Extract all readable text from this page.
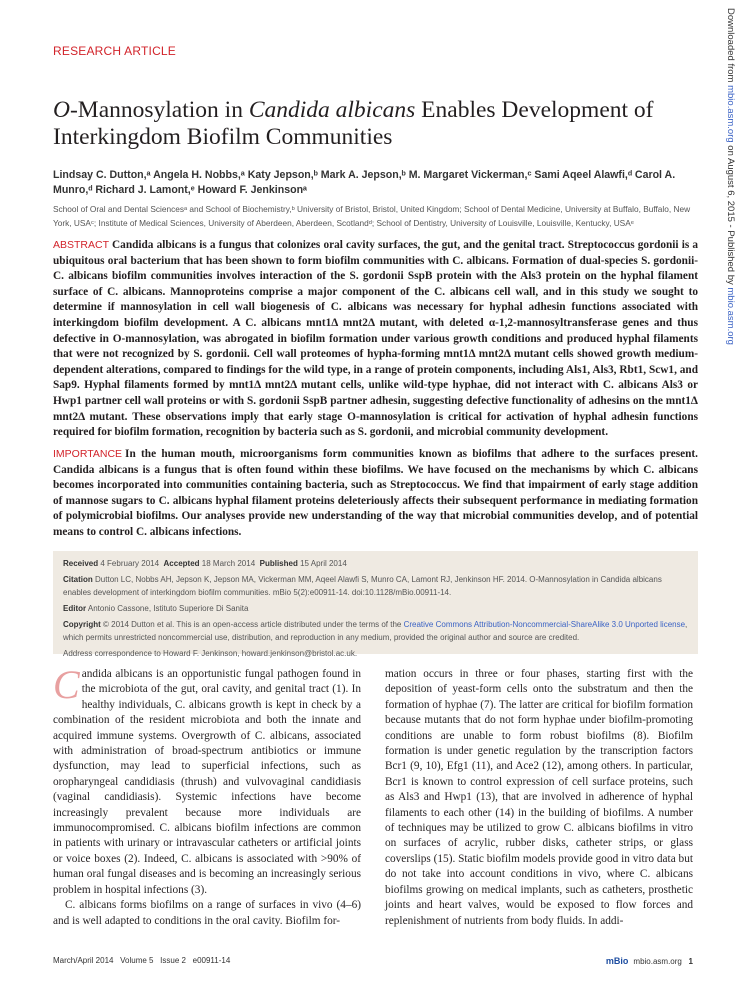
RESEARCH ARTICLE
O-Mannosylation in Candida albicans Enables Development of Interkingdom Biofilm Communities
Lindsay C. Dutton,ᵃ Angela H. Nobbs,ᵃ Katy Jepson,ᵇ Mark A. Jepson,ᵇ M. Margaret Vickerman,ᶜ Sami Aqeel Alawfi,ᵈ Carol A. Munro,ᵈ Richard J. Lamont,ᵉ Howard F. Jenkinsonᵃ
School of Oral and Dental Sciencesᵃ and School of Biochemistry,ᵇ University of Bristol, Bristol, United Kingdom; School of Dental Medicine, University at Buffalo, Buffalo, New York, USAᶜ; Institute of Medical Sciences, University of Aberdeen, Aberdeen, Scotlandᵈ; School of Dentistry, University of Louisville, Louisville, Kentucky, USAᵉ
ABSTRACT Candida albicans is a fungus that colonizes oral cavity surfaces, the gut, and the genital tract. Streptococcus gordonii is a ubiquitous oral bacterium that has been shown to form biofilm communities with C. albicans. Formation of dual-species S. gordonii-C. albicans biofilm communities involves interaction of the S. gordonii SspB protein with the Als3 protein on the hyphal filament surface of C. albicans. Mannoproteins comprise a major component of the C. albicans cell wall, and in this study we sought to determine if mannosylation in cell wall biogenesis of C. albicans was necessary for hyphal adhesin functions associated with interkingdom biofilm development. A C. albicans mnt1Δ mnt2Δ mutant, with deleted α-1,2-mannosyltransferase genes and thus defective in O-mannosylation, was abrogated in biofilm formation under various growth conditions and produced hyphal filaments that were not recognized by S. gordonii. Cell wall proteomes of hypha-forming mnt1Δ mnt2Δ mutant cells showed growth medium-dependent alterations, compared to findings for the wild type, in a range of protein components, including Als1, Als3, Rbt1, Scw1, and Sap9. Hyphal filaments formed by mnt1Δ mnt2Δ mutant cells, unlike wild-type hyphae, did not interact with C. albicans Als3 or Hwp1 partner cell wall proteins or with S. gordonii SspB partner adhesin, suggesting defective functionality of adhesins on the mnt1Δ mnt2Δ mutant. These observations imply that early stage O-mannosylation is critical for activation of hyphal adhesin functions required for biofilm formation, recognition by bacteria such as S. gordonii, and microbial community development.
IMPORTANCE In the human mouth, microorganisms form communities known as biofilms that adhere to the surfaces present. Candida albicans is a fungus that is often found within these biofilms. We have focused on the mechanisms by which C. albicans becomes incorporated into communities containing bacteria, such as Streptococcus. We find that impairment of early stage addition of mannose sugars to C. albicans hyphal filament proteins deleteriously affects their subsequent performance in mediating formation of polymicrobial biofilms. Our analyses provide new understanding of the way that microbial communities develop, and of potential means to control C. albicans infections.

Received 4 February 2014 Accepted 18 March 2014 Published 15 April 2014

Citation Dutton LC, Nobbs AH, Jepson K, Jepson MA, Vickerman MM, Aqeel Alawfi S, Munro CA, Lamont RJ, Jenkinson HF. 2014. O-Mannosylation in Candida albicans enables development of interkingdom biofilm communities. mBio 5(2):e00911-14. doi:10.1128/mBio.00911-14.

Editor Antonio Cassone, Istituto Superiore Di Sanita

Copyright © 2014 Dutton et al. This is an open-access article distributed under the terms of the Creative Commons Attribution-Noncommercial-ShareAlike 3.0 Unported license, which permits unrestricted noncommercial use, distribution, and reproduction in any medium, provided the original author and source are credited.

Address correspondence to Howard F. Jenkinson, howard.jenkinson@bristol.ac.uk.

Candida albicans is an opportunistic fungal pathogen found in the microbiota of the gut, oral cavity, and genital tract (1). In healthy individuals, C. albicans growth is kept in check by a combination of the resident microbiota and both the innate and acquired immune systems. Overgrowth of C. albicans, associated with administration of broad-spectrum antibiotics or immune dysfunction, may lead to superficial infections, such as oropharyngeal candidiasis (thrush) and vulvovaginal candidiasis (vaginal candidiasis). Systemic infections have become increasingly prevalent because more individuals are immunocompromised. C. albicans biofilm infections are common in patients with urinary or intravascular catheters or artificial joints or voice boxes (2). Indeed, C. albicans is associated with >90% of human oral fungal diseases and is becoming an increasingly serious problem in hospital infections (3).

C. albicans forms biofilms on a range of surfaces in vivo (4–6) and is well adapted to conditions in the oral cavity. Biofilm for-

mation occurs in three or four phases, starting first with the deposition of yeast-form cells onto the substratum and then the formation of hyphae (7). The latter are critical for biofilm formation because mutants that do not form hyphae under biofilm-promoting conditions are unable to form robust biofilms (8). Biofilm formation is under genetic regulation by the transcription factors Bcr1 (9, 10), Efg1 (11), and Ace2 (12), among others. In particular, Bcr1 is known to control expression of cell surface proteins, such as Als3 and Hwp1 (13), that are involved in adherence of hyphal filaments to each other (14) in the building of biofilms. A number of techniques may be utilized to grow C. albicans biofilms in vitro on surfaces of acrylic, rubber disks, catheter strips, or glass coverslips (15). Static biofilm models provide good in vitro data but do not take into account conditions in vivo, where C. albicans biofilms growing on medical implants, such as catheters, prosthetic joints and heart valves, would be exposed to flow forces and replenishment of nutrients from body fluids. In addi-

March/April 2014   Volume 5   Issue 2   e00911-14	mBio mbio.asm.org 1
Downloaded from mbio.asm.org on August 6, 2015 - Published by mbio.asm.org
